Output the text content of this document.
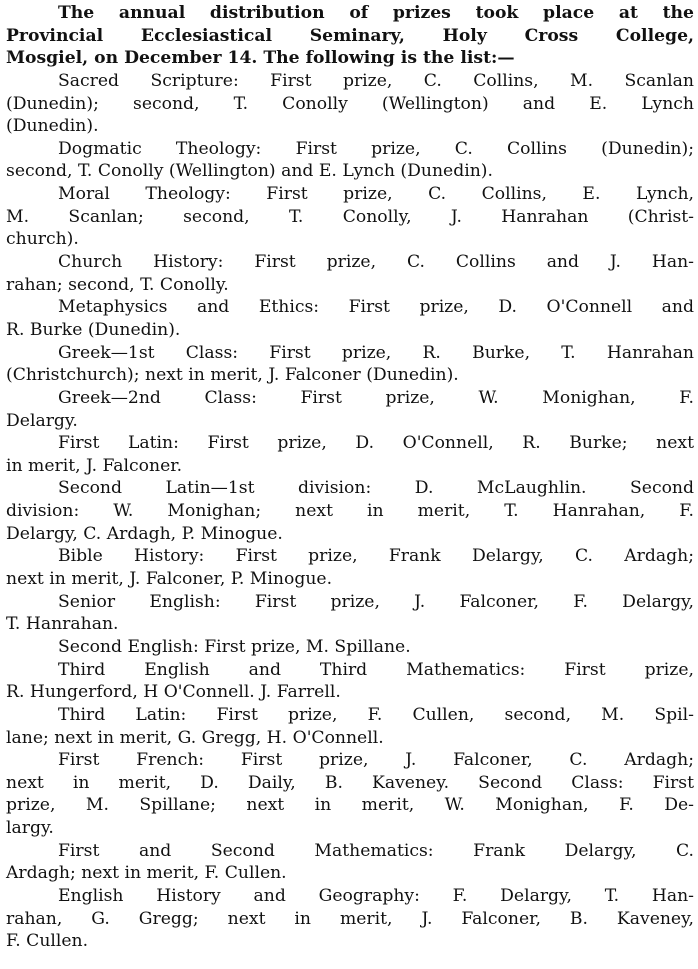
The annual distribution of prizes took place at the
Provincial Ecclesiastical Seminary, Holy Cross College,
Mosgiel, on December 14. The following is the list:—
Sacred Scripture: First prize, C. Collins, M. Scanlan
(Dunedin); second, T. Conolly (Wellington) and E. Lynch
(Dunedin).
Dogmatic Theology: First prize, C. Collins (Dunedin);
second, T. Conolly (Wellington) and E. Lynch (Dunedin).
Moral Theology: First prize, C. Collins, E. Lynch,
M. Scanlan; second, T. Conolly, J. Hanrahan (Christ-
church).
Church History: First prize, C. Collins and J. Han-
rahan; second, T. Conolly.
Metaphysics and Ethics: First prize, D. O'Connell and
R. Burke (Dunedin).
Greek—1st Class: First prize, R. Burke, T. Hanrahan
(Christchurch); next in merit, J. Falconer (Dunedin).
Greek—2nd Class: First prize, W. Monighan, F.
Delargy.
First Latin: First prize, D. O'Connell, R. Burke; next
in merit, J. Falconer.
Second Latin—1st division: D. McLaughlin. Second
division: W. Monighan; next in merit, T. Hanrahan, F.
Delargy, C. Ardagh, P. Minogue.
Bible History: First prize, Frank Delargy, C. Ardagh;
next in merit, J. Falconer, P. Minogue.
Senior English: First prize, J. Falconer, F. Delargy,
T. Hanrahan.
Second English: First prize, M. Spillane.
Third English and Third Mathematics: First prize,
R. Hungerford, H O'Connell. J. Farrell.
Third Latin: First prize, F. Cullen, second, M. Spil-
lane; next in merit, G. Gregg, H. O'Connell.
First French: First prize, J. Falconer, C. Ardagh;
next in merit, D. Daily, B. Kaveney. Second Class: First
prize, M. Spillane; next in merit, W. Monighan, F. De-
largy.
First and Second Mathematics: Frank Delargy, C.
Ardagh; next in merit, F. Cullen.
English History and Geography: F. Delargy, T. Han-
rahan, G. Gregg; next in merit, J. Falconer, B. Kaveney,
F. Cullen.
